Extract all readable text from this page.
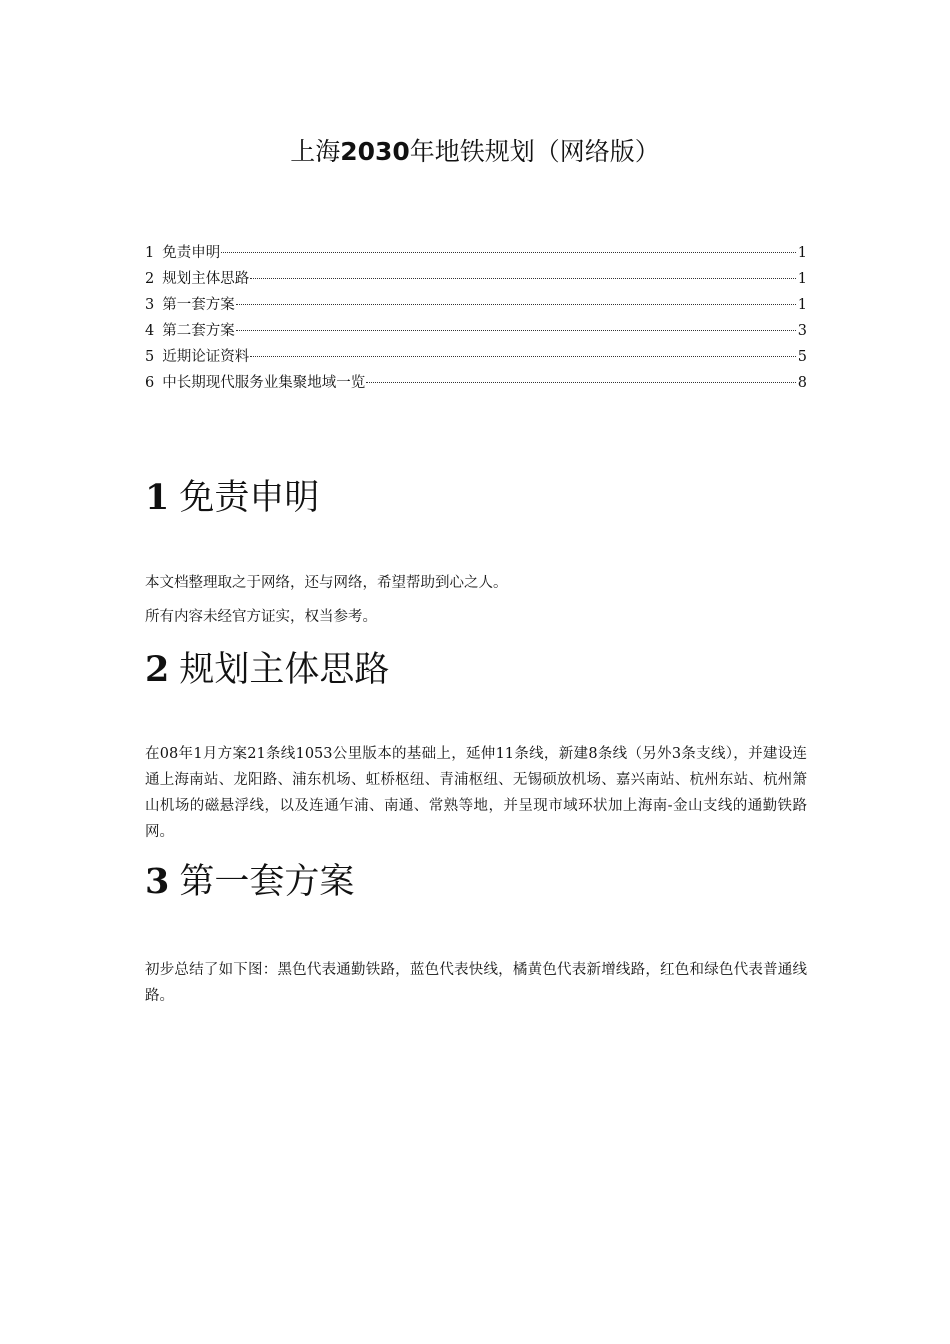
上海2030年地铁规划（网络版）
1 免责申明	1
2 规划主体思路	1
3 第一套方案	1
4 第二套方案	3
5 近期论证资料	5
6 中长期现代服务业集聚地域一览	8
1 免责申明

本文档整理取之于网络，还与网络，希望帮助到心之人。

所有内容未经官方证实，权当参考。

2 规划主体思路

在08年1月方案21条线1053公里版本的基础上，延伸11条线，新建8条线（另外3条支线），并建设连通上海南站、龙阳路、浦东机场、虹桥枢纽、青浦枢纽、无锡硕放机场、嘉兴南站、杭州东站、杭州箫山机场的磁悬浮线，以及连通乍浦、南通、常熟等地，并呈现市域环状加上海南-金山支线的通勤铁路网。

3 第一套方案

初步总结了如下图：黑色代表通勤铁路，蓝色代表快线，橘黄色代表新增线路，红色和绿色代表普通线路。
